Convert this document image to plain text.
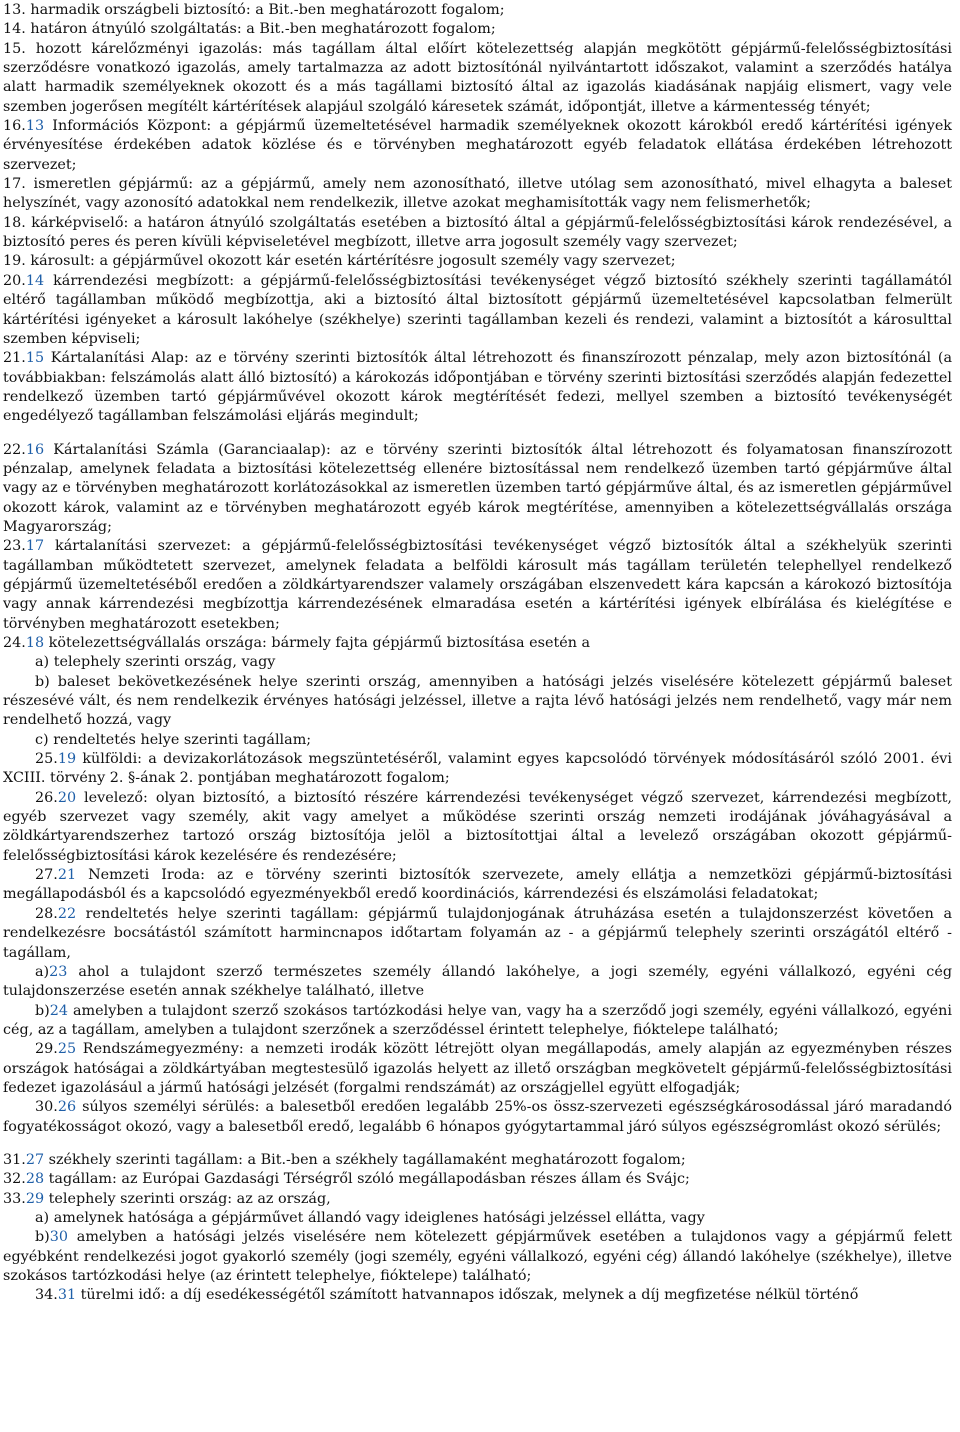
13. harmadik országbeli biztosító: a Bit.-ben meghatározott fogalom;

14. határon átnyúló szolgáltatás: a Bit.-ben meghatározott fogalom;

15. hozott kárelőzményi igazolás: más tagállam által előírt kötelezettség alapján megkötött gépjármű-felelősségbiztosítási szerződésre vonatkozó igazolás, amely tartalmazza az adott biztosítónál nyilvántartott időszakot, valamint a szerződés hatálya alatt harmadik személyeknek okozott és a más tagállami biztosító által az igazolás kiadásának napjáig elismert, vagy vele szemben jogerősen megítélt kártérítések alapjául szolgáló káresetek számát, időpontját, illetve a kármentesség tényét;

16.13 Információs Központ: a gépjármű üzemeltetésével harmadik személyeknek okozott károkból eredő kártérítési igények érvényesítése érdekében adatok közlése és e törvényben meghatározott egyéb feladatok ellátása érdekében létrehozott szervezet;

17. ismeretlen gépjármű: az a gépjármű, amely nem azonosítható, illetve utólag sem azonosítható, mivel elhagyta a baleset helyszínét, vagy azonosító adatokkal nem rendelkezik, illetve azokat meghamisították vagy nem felismerhetők;

18. kárképviselő: a határon átnyúló szolgáltatás esetében a biztosító által a gépjármű-felelősségbiztosítási károk rendezésével, a biztosító peres és peren kívüli képviseletével megbízott, illetve arra jogosult személy vagy szervezet;

19. károsult: a gépjárművel okozott kár esetén kártérítésre jogosult személy vagy szervezet;

20.14 kárrendezési megbízott: a gépjármű-felelősségbiztosítási tevékenységet végző biztosító székhely szerinti tagállamától eltérő tagállamban működő megbízottja, aki a biztosító által biztosított gépjármű üzemeltetésével kapcsolatban felmerült kártérítési igényeket a károsult lakóhelye (székhelye) szerinti tagállamban kezeli és rendezi, valamint a biztosítót a károsulttal szemben képviseli;

21.15 Kártalanítási Alap: az e törvény szerinti biztosítók által létrehozott és finanszírozott pénzalap, mely azon biztosítónál (a továbbiakban: felszámolás alatt álló biztosító) a károkozás időpontjában e törvény szerinti biztosítási szerződés alapján fedezettel rendelkező üzemben tartó gépjárművével okozott károk megtérítését fedezi, mellyel szemben a biztosító tevékenységét engedélyező tagállamban felszámolási eljárás megindult;

22.16 Kártalanítási Számla (Garanciaalap): az e törvény szerinti biztosítók által létrehozott és folyamatosan finanszírozott pénzalap, amelynek feladata a biztosítási kötelezettség ellenére biztosítással nem rendelkező üzemben tartó gépjárműve által vagy az e törvényben meghatározott korlátozásokkal az ismeretlen üzemben tartó gépjárműve által, és az ismeretlen gépjárművel okozott károk, valamint az e törvényben meghatározott egyéb károk megtérítése, amennyiben a kötelezettségvállalás országa Magyarország;

23.17 kártalanítási szervezet: a gépjármű-felelősségbiztosítási tevékenységet végző biztosítók által a székhelyük szerinti tagállamban működtetett szervezet, amelynek feladata a belföldi károsult más tagállam területén telephellyel rendelkező gépjármű üzemeltetéséből eredően a zöldkártyarendszer valamely országában elszenvedett kára kapcsán a károkozó biztosítója vagy annak kárrendezési megbízottja kárrendezésének elmaradása esetén a kártérítési igények elbírálása és kielégítése e törvényben meghatározott esetekben;

24.18 kötelezettségvállalás országa: bármely fajta gépjármű biztosítása esetén a

a) telephely szerinti ország, vagy

b) baleset bekövetkezésének helye szerinti ország, amennyiben a hatósági jelzés viselésére kötelezett gépjármű baleset részesévé vált, és nem rendelkezik érvényes hatósági jelzéssel, illetve a rajta lévő hatósági jelzés nem rendelhető, vagy már nem rendelhető hozzá, vagy

c) rendeltetés helye szerinti tagállam;

25.19 külföldi: a devizakorlátozások megszüntetéséről, valamint egyes kapcsolódó törvények módosításáról szóló 2001. évi XCIII. törvény 2. §-ának 2. pontjában meghatározott fogalom;

26.20 levelező: olyan biztosító, a biztosító részére kárrendezési tevékenységet végző szervezet, kárrendezési megbízott, egyéb szervezet vagy személy, akit vagy amelyet a működése szerinti ország nemzeti irodájának jóváhagyásával a zöldkártyarendszerhez tartozó ország biztosítója jelöl a biztosítottjai által a levelező országában okozott gépjármű-felelősségbiztosítási károk kezelésére és rendezésére;

27.21 Nemzeti Iroda: az e törvény szerinti biztosítók szervezete, amely ellátja a nemzetközi gépjármű-biztosítási megállapodásból és a kapcsolódó egyezményekből eredő koordinációs, kárrendezési és elszámolási feladatokat;

28.22 rendeltetés helye szerinti tagállam: gépjármű tulajdonjogának átruházása esetén a tulajdonszerzést követően a rendelkezésre bocsátástól számított harmincnapos időtartam folyamán az - a gépjármű telephely szerinti országától eltérő - tagállam,

a)23 ahol a tulajdont szerző természetes személy állandó lakóhelye, a jogi személy, egyéni vállalkozó, egyéni cég tulajdonszerzése esetén annak székhelye található, illetve

b)24 amelyben a tulajdont szerző szokásos tartózkodási helye van, vagy ha a szerződő jogi személy, egyéni vállalkozó, egyéni cég, az a tagállam, amelyben a tulajdont szerzőnek a szerződéssel érintett telephelye, fióktelepe található;

29.25 Rendszámegyezmény: a nemzeti irodák között létrejött olyan megállapodás, amely alapján az egyezményben részes országok hatóságai a zöldkártyában megtestesülő igazolás helyett az illető országban megkövetelt gépjármű-felelősségbiztosítási fedezet igazolásául a jármű hatósági jelzését (forgalmi rendszámát) az országjellel együtt elfogadják;

30.26 súlyos személyi sérülés: a balesetből eredően legalább 25%-os össz-szervezeti egészségkárosodással járó maradandó fogyatékosságot okozó, vagy a balesetből eredő, legalább 6 hónapos gyógytartammal járó súlyos egészségromlást okozó sérülés;

31.27 székhely szerinti tagállam: a Bit.-ben a székhely tagállamaként meghatározott fogalom;

32.28 tagállam: az Európai Gazdasági Térségről szóló megállapodásban részes állam és Svájc;

33.29 telephely szerinti ország: az az ország,

a) amelynek hatósága a gépjárművet állandó vagy ideiglenes hatósági jelzéssel ellátta, vagy

b)30 amelyben a hatósági jelzés viselésére nem kötelezett gépjárművek esetében a tulajdonos vagy a gépjármű felett egyébként rendelkezési jogot gyakorló személy (jogi személy, egyéni vállalkozó, egyéni cég) állandó lakóhelye (székhelye), illetve szokásos tartózkodási helye (az érintett telephelye, fióktelepe) található;

34.31 türelmi idő: a díj esedékességétől számított hatvannapos időszak, melynek a díj megfizetése nélkül történő
